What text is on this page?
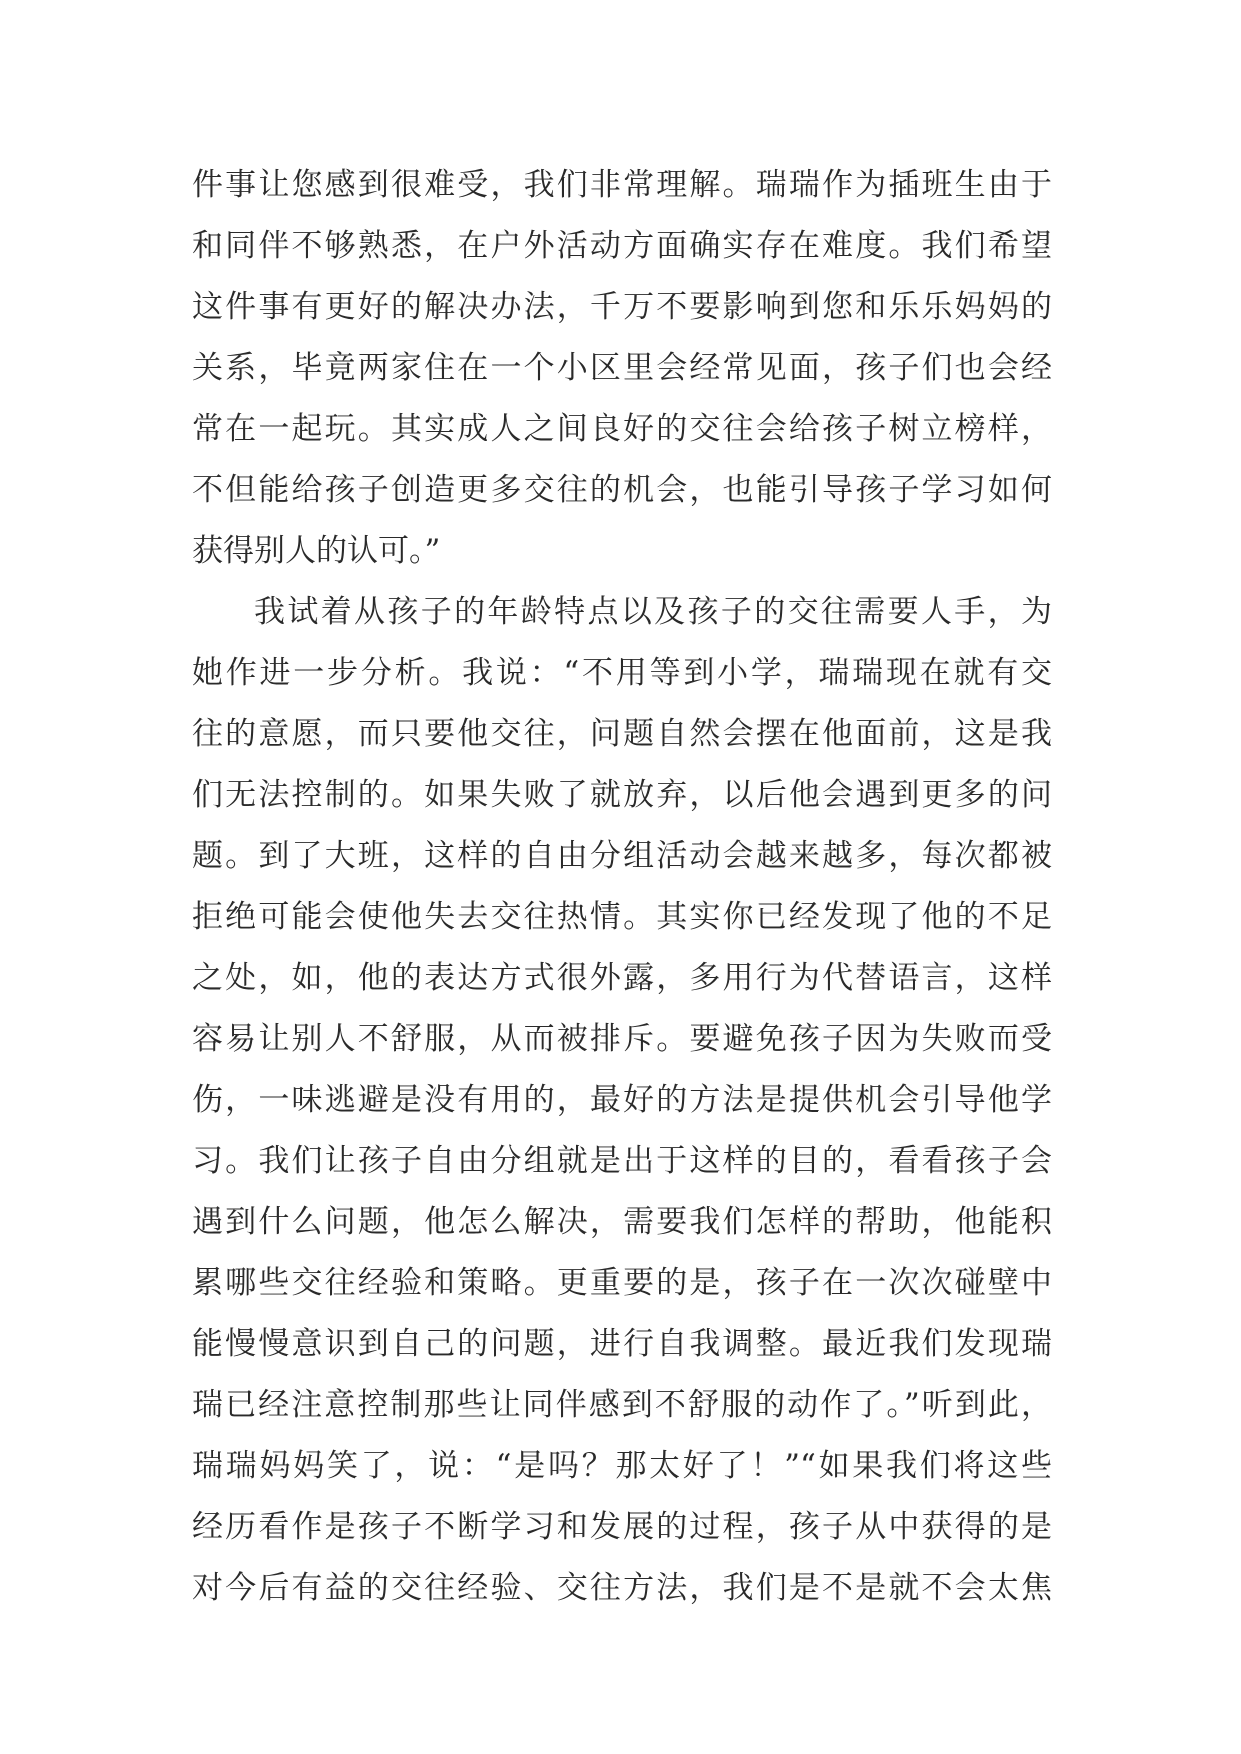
件事让您感到很难受，我们非常理解。瑞瑞作为插班生由于
和同伴不够熟悉，在户外活动方面确实存在难度。我们希望
这件事有更好的解决办法，千万不要影响到您和乐乐妈妈的
关系，毕竟两家住在一个小区里会经常见面，孩子们也会经
常在一起玩。其实成人之间良好的交往会给孩子树立榜样，
不但能给孩子创造更多交往的机会，也能引导孩子学习如何
获得别人的认可。”
我试着从孩子的年龄特点以及孩子的交往需要人手，为
她作进一步分析。我说：“不用等到小学，瑞瑞现在就有交
往的意愿，而只要他交往，问题自然会摆在他面前，这是我
们无法控制的。如果失败了就放弃，以后他会遇到更多的问
题。到了大班，这样的自由分组活动会越来越多，每次都被
拒绝可能会使他失去交往热情。其实你已经发现了他的不足
之处，如，他的表达方式很外露，多用行为代替语言，这样
容易让别人不舒服，从而被排斥。要避免孩子因为失败而受
伤，一味逃避是没有用的，最好的方法是提供机会引导他学
习。我们让孩子自由分组就是出于这样的目的，看看孩子会
遇到什么问题，他怎么解决，需要我们怎样的帮助，他能积
累哪些交往经验和策略。更重要的是，孩子在一次次碰壁中
能慢慢意识到自己的问题，进行自我调整。最近我们发现瑞
瑞已经注意控制那些让同伴感到不舒服的动作了。”听到此，
瑞瑞妈妈笑了，说：“是吗？那太好了！”“如果我们将这些
经历看作是孩子不断学习和发展的过程，孩子从中获得的是
对今后有益的交往经验、交往方法，我们是不是就不会太焦
